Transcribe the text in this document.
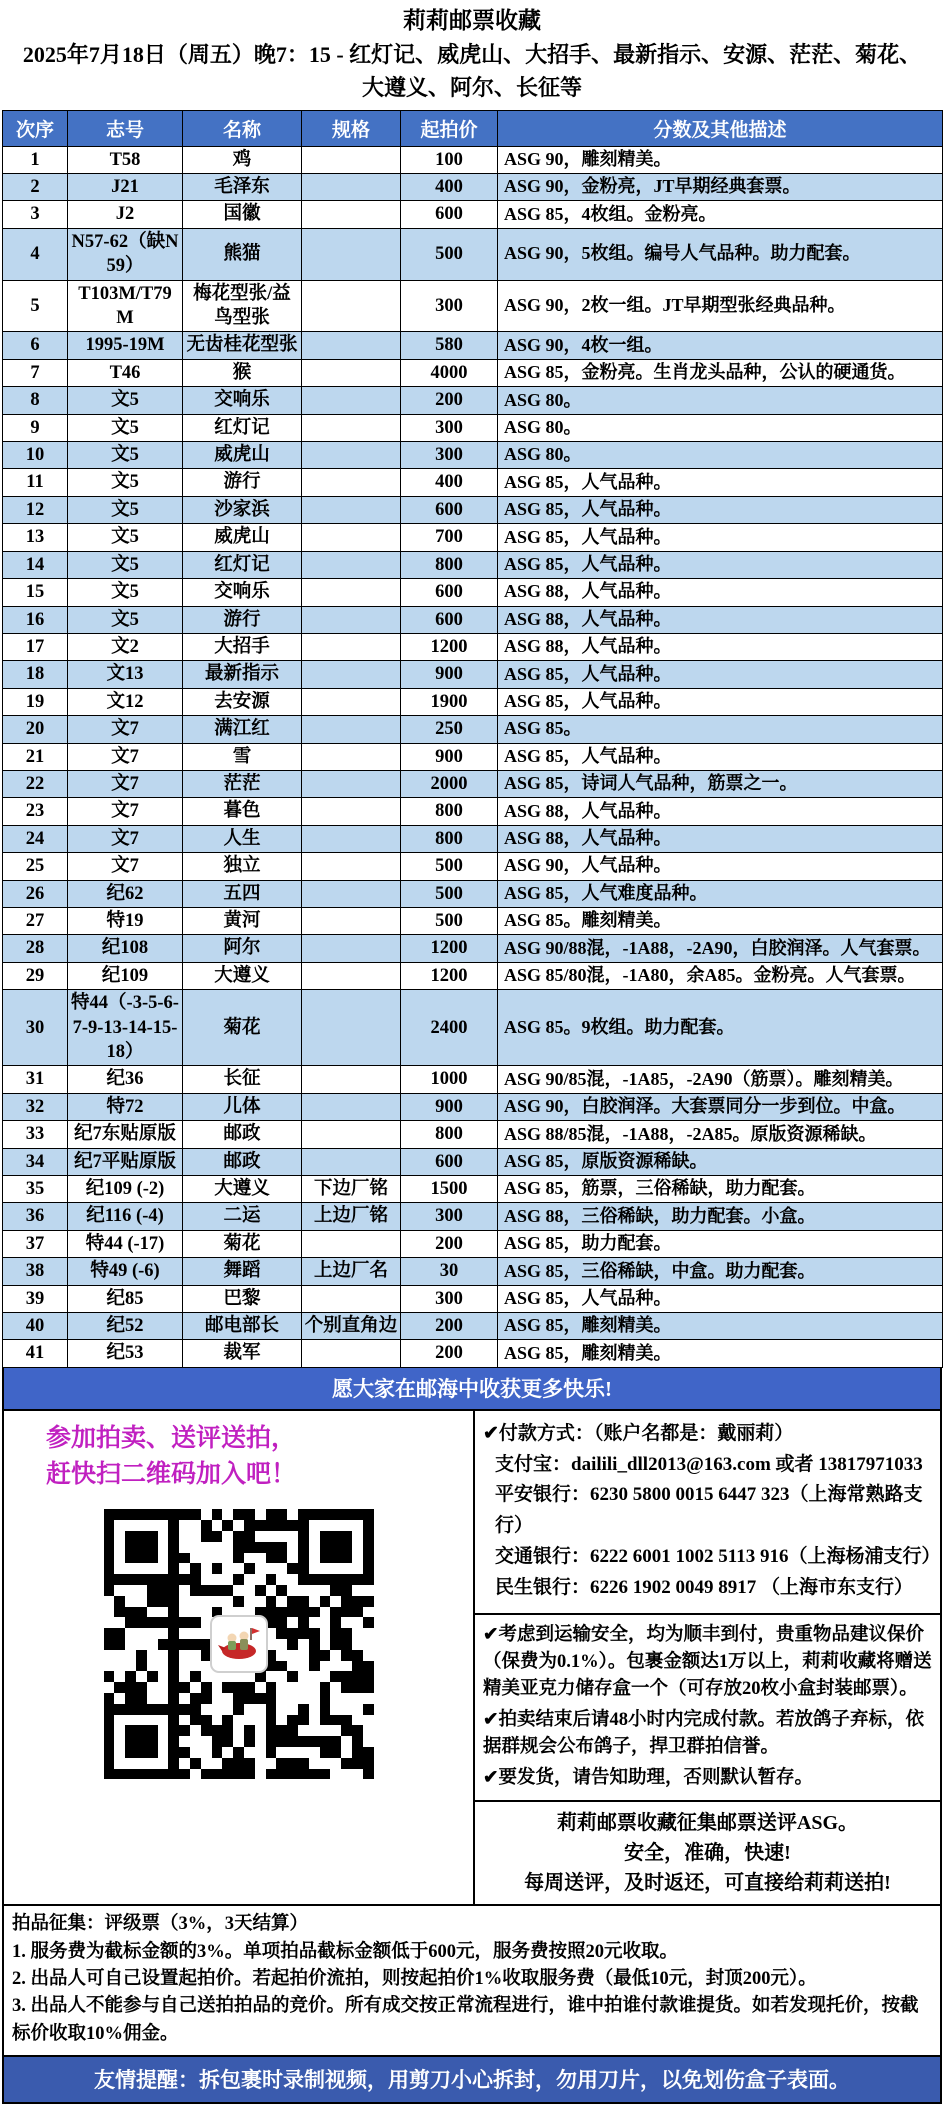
莉莉邮票收藏
2025年7月18日（周五）晚7：15 - 红灯记、威虎山、大招手、最新指示、安源、茫茫、菊花、
大遵义、阿尔、长征等
次序	志号	名称	规格	起拍价	分数及其他描述
1	T58	鸡		100	ASG 90，雕刻精美。
2	J21	毛泽东		400	ASG 90，金粉亮，JT早期经典套票。
3	J2	国徽		600	ASG 85，4枚组。金粉亮。
4	N57-62（缺N59）	熊猫		500	ASG 90，5枚组。编号人气品种。助力配套。
5	T103M/T79M	梅花型张/益鸟型张		300	ASG 90，2枚一组。JT早期型张经典品种。
6	1995-19M	无齿桂花型张		580	ASG 90，4枚一组。
7	T46	猴		4000	ASG 85，金粉亮。生肖龙头品种，公认的硬通货。
8	文5	交响乐		200	ASG 80。
9	文5	红灯记		300	ASG 80。
10	文5	威虎山		300	ASG 80。
11	文5	游行		400	ASG 85，人气品种。
12	文5	沙家浜		600	ASG 85，人气品种。
13	文5	威虎山		700	ASG 85，人气品种。
14	文5	红灯记		800	ASG 85，人气品种。
15	文5	交响乐		600	ASG 88，人气品种。
16	文5	游行		600	ASG 88，人气品种。
17	文2	大招手		1200	ASG 88，人气品种。
18	文13	最新指示		900	ASG 85，人气品种。
19	文12	去安源		1900	ASG 85，人气品种。
20	文7	满江红		250	ASG 85。
21	文7	雪		900	ASG 85，人气品种。
22	文7	茫茫		2000	ASG 85，诗词人气品种，筋票之一。
23	文7	暮色		800	ASG 88，人气品种。
24	文7	人生		800	ASG 88，人气品种。
25	文7	独立		500	ASG 90，人气品种。
26	纪62	五四		500	ASG 85，人气难度品种。
27	特19	黄河		500	ASG 85。雕刻精美。
28	纪108	阿尔		1200	ASG 90/88混，-1A88，-2A90，白胶润泽。人气套票。
29	纪109	大遵义		1200	ASG 85/80混，-1A80，余A85。金粉亮。人气套票。
30	特44（-3-5-6-7-9-13-14-15-18）	菊花		2400	ASG 85。9枚组。助力配套。
31	纪36	长征		1000	ASG 90/85混，-1A85，-2A90（筋票）。雕刻精美。
32	特72	儿体		900	ASG 90，白胶润泽。大套票同分一步到位。中盒。
33	纪7东贴原版	邮政		800	ASG 88/85混，-1A88，-2A85。原版资源稀缺。
34	纪7平贴原版	邮政		600	ASG 85，原版资源稀缺。
35	纪109 (-2)	大遵义	下边厂铭	1500	ASG 85，筋票，三俗稀缺，助力配套。
36	纪116 (-4)	二运	上边厂铭	300	ASG 88，三俗稀缺，助力配套。小盒。
37	特44 (-17)	菊花		200	ASG 85，助力配套。
38	特49 (-6)	舞蹈	上边厂名	30	ASG 85，三俗稀缺，中盒。助力配套。
39	纪85	巴黎		300	ASG 85，人气品种。
40	纪52	邮电部长	个别直角边	200	ASG 85，雕刻精美。
41	纪53	裁军		200	ASG 85，雕刻精美。
愿大家在邮海中收获更多快乐!
参加拍卖、送评送拍，
赶快扫二维码加入吧！
✔付款方式：（账户名都是：戴丽莉）
支付宝：dailili_dll2013@163.com 或者 13817971033
平安银行：6230 5800 0015 6447 323（上海常熟路支行）
交通银行：6222 6001 1002 5113 916（上海杨浦支行）
民生银行：6226 1902 0049 8917 （上海市东支行）
✔考虑到运输安全，均为顺丰到付，贵重物品建议保价（保费为0.1%）。包裹金额达1万以上，莉莉收藏将赠送精美亚克力储存盒一个（可存放20枚小盒封装邮票）。
✔拍卖结束后请48小时内完成付款。若放鸽子弃标，依据群规会公布鸽子，捍卫群拍信誉。
✔要发货，请告知助理，否则默认暂存。
莉莉邮票收藏征集邮票送评ASG。
安全，准确，快速!
每周送评，及时返还，可直接给莉莉送拍!
拍品征集：评级票（3%，3天结算）
1. 服务费为截标金额的3%。单项拍品截标金额低于600元，服务费按照20元收取。
2. 出品人可自己设置起拍价。若起拍价流拍，则按起拍价1%收取服务费（最低10元，封顶200元）。
3. 出品人不能参与自己送拍拍品的竞价。所有成交按正常流程进行，谁中拍谁付款谁提货。如若发现托价，按截标价收取10%佣金。
友情提醒：拆包裹时录制视频，用剪刀小心拆封，勿用刀片，以免划伤盒子表面。
